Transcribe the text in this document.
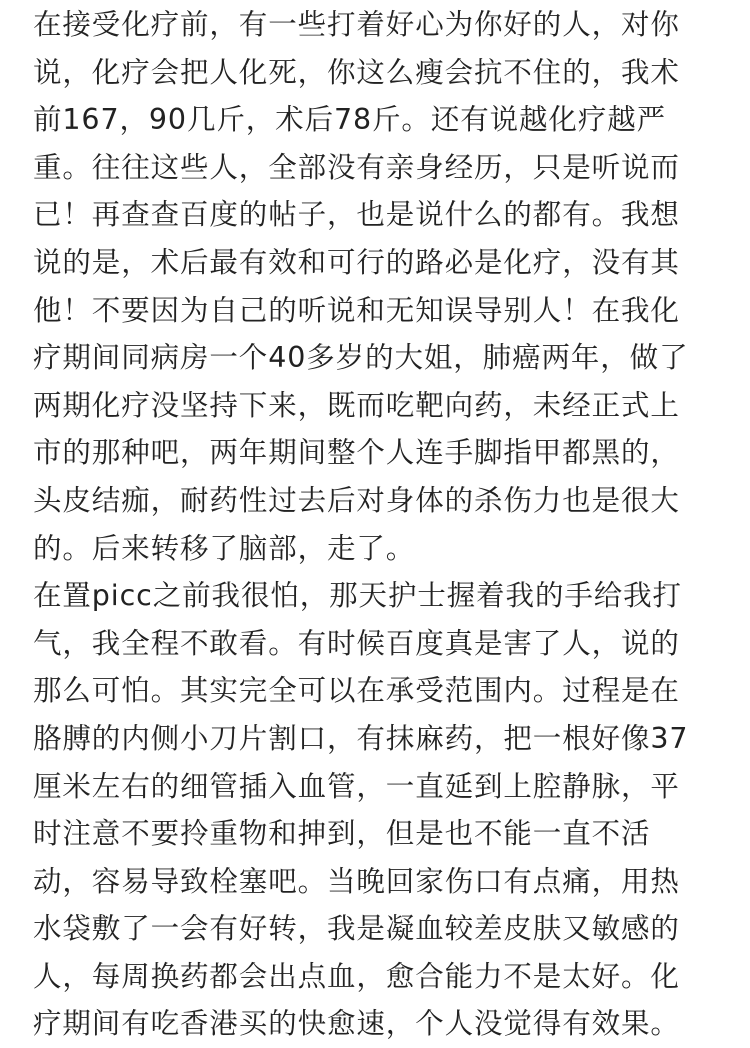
在接受化疗前，有一些打着好心为你好的人，对你
说，化疗会把人化死，你这么瘦会抗不住的，我术
前167，90几斤，术后78斤。还有说越化疗越严
重。往往这些人，全部没有亲身经历，只是听说而
已！再查查百度的帖子，也是说什么的都有。我想
说的是，术后最有效和可行的路必是化疗，没有其
他！不要因为自己的听说和无知误导别人！在我化
疗期间同病房一个40多岁的大姐，肺癌两年，做了
两期化疗没坚持下来，既而吃靶向药，未经正式上
市的那种吧，两年期间整个人连手脚指甲都黑的，
头皮结痂，耐药性过去后对身体的杀伤力也是很大
的。后来转移了脑部，走了。
在置picc之前我很怕，那天护士握着我的手给我打
气，我全程不敢看。有时候百度真是害了人，说的
那么可怕。其实完全可以在承受范围内。过程是在
胳膊的内侧小刀片割口，有抹麻药，把一根好像37
厘米左右的细管插入血管，一直延到上腔静脉，平
时注意不要拎重物和抻到，但是也不能一直不活
动，容易导致栓塞吧。当晚回家伤口有点痛，用热
水袋敷了一会有好转，我是凝血较差皮肤又敏感的
人，每周换药都会出点血，愈合能力不是太好。化
疗期间有吃香港买的快愈速，个人没觉得有效果。
